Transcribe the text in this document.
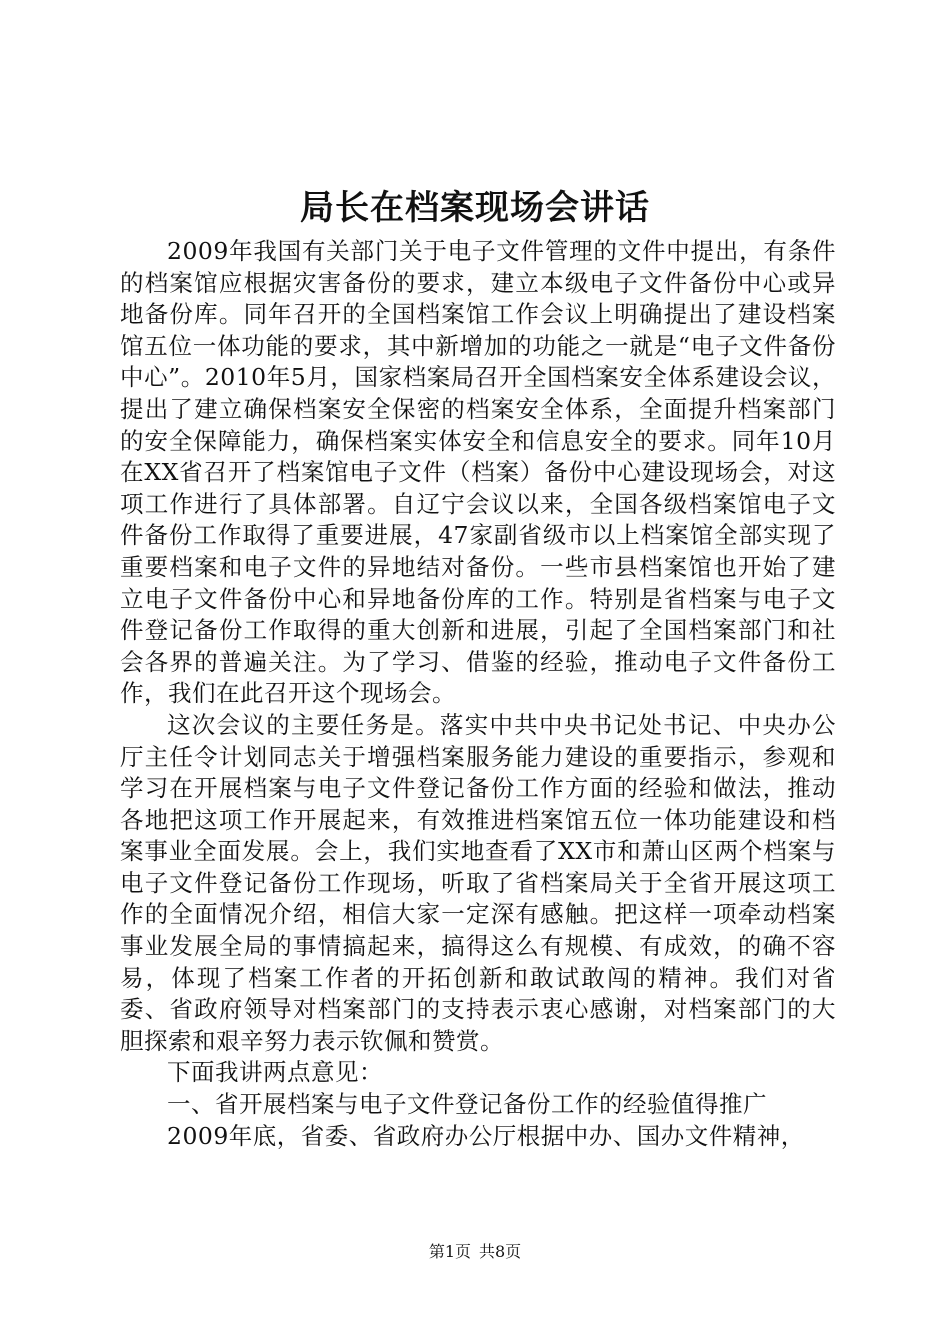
局长在档案现场会讲话

2009年我国有关部门关于电子文件管理的文件中提出，有条件的档案馆应根据灾害备份的要求，建立本级电子文件备份中心或异地备份库。同年召开的全国档案馆工作会议上明确提出了建设档案馆五位一体功能的要求，其中新增加的功能之一就是“电子文件备份中心”。2010年5月，国家档案局召开全国档案安全体系建设会议，提出了建立确保档案安全保密的档案安全体系，全面提升档案部门的安全保障能力，确保档案实体安全和信息安全的要求。同年10月在XX省召开了档案馆电子文件（档案）备份中心建设现场会，对这项工作进行了具体部署。自辽宁会议以来，全国各级档案馆电子文件备份工作取得了重要进展，47家副省级市以上档案馆全部实现了重要档案和电子文件的异地结对备份。一些市县档案馆也开始了建立电子文件备份中心和异地备份库的工作。特别是省档案与电子文件登记备份工作取得的重大创新和进展，引起了全国档案部门和社会各界的普遍关注。为了学习、借鉴的经验，推动电子文件备份工作，我们在此召开这个现场会。

这次会议的主要任务是。落实中共中央书记处书记、中央办公厅主任令计划同志关于增强档案服务能力建设的重要指示，参观和学习在开展档案与电子文件登记备份工作方面的经验和做法，推动各地把这项工作开展起来，有效推进档案馆五位一体功能建设和档案事业全面发展。会上，我们实地查看了XX市和萧山区两个档案与电子文件登记备份工作现场，听取了省档案局关于全省开展这项工作的全面情况介绍，相信大家一定深有感触。把这样一项牵动档案事业发展全局的事情搞起来，搞得这么有规模、有成效，的确不容易，体现了档案工作者的开拓创新和敢试敢闯的精神。我们对省委、省政府领导对档案部门的支持表示衷心感谢，对档案部门的大胆探索和艰辛努力表示钦佩和赞赏。

下面我讲两点意见：

一、省开展档案与电子文件登记备份工作的经验值得推广

2009年底，省委、省政府办公厅根据中办、国办文件精神，

第1页 共8页
